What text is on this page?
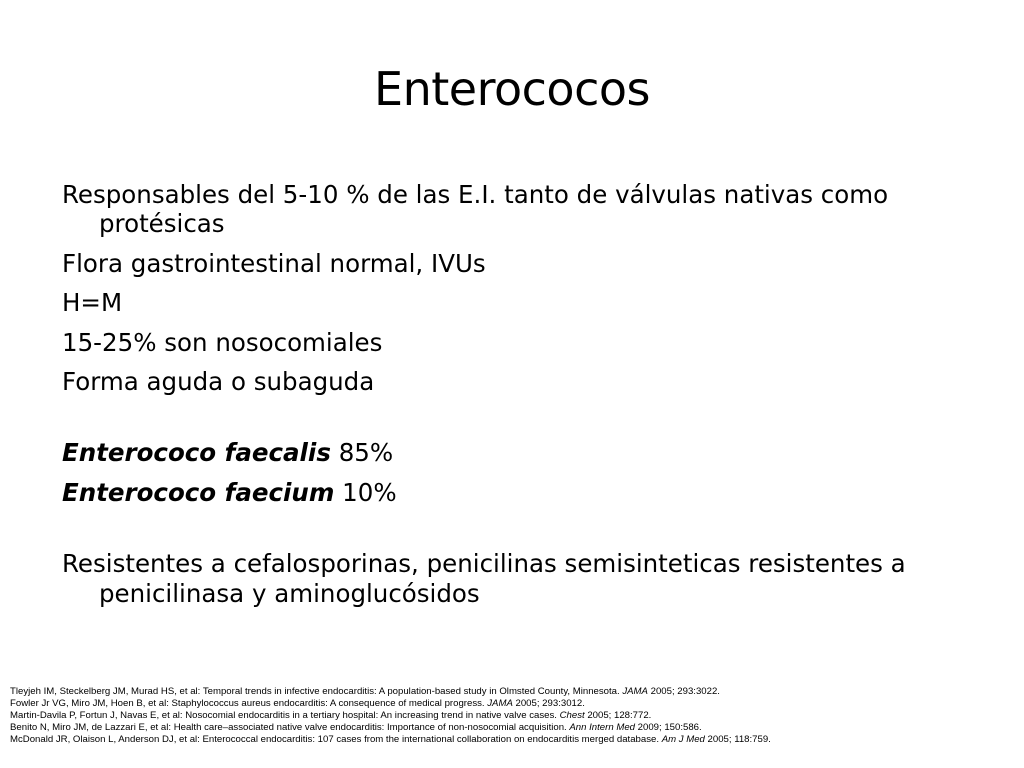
Enterococos

Responsables del 5-10 % de las E.I. tanto de válvulas nativas como protésicas

Flora gastrointestinal normal, IVUs

H=M

15-25% son nosocomiales

Forma aguda o subaguda

Enterococo faecalis 85%

Enterococo faecium 10%

Resistentes a cefalosporinas, penicilinas semisinteticas resistentes a penicilinasa y aminoglucósidos

Tleyjeh IM, Steckelberg JM, Murad HS, et al: Temporal trends in infective endocarditis: A population-based study in Olmsted County, Minnesota. JAMA 2005; 293:3022.
Fowler Jr VG, Miro JM, Hoen B, et al: Staphylococcus aureus endocarditis: A consequence of medical progress. JAMA 2005; 293:3012.
Martin-Davila P, Fortun J, Navas E, et al: Nosocomial endocarditis in a tertiary hospital: An increasing trend in native valve cases. Chest 2005; 128:772.
Benito N, Miro JM, de Lazzari E, et al: Health care–associated native valve endocarditis: Importance of non-nosocomial acquisition. Ann Intern Med 2009; 150:586.
McDonald JR, Olaison L, Anderson DJ, et al: Enterococcal endocarditis: 107 cases from the international collaboration on endocarditis merged database. Am J Med 2005; 118:759.
